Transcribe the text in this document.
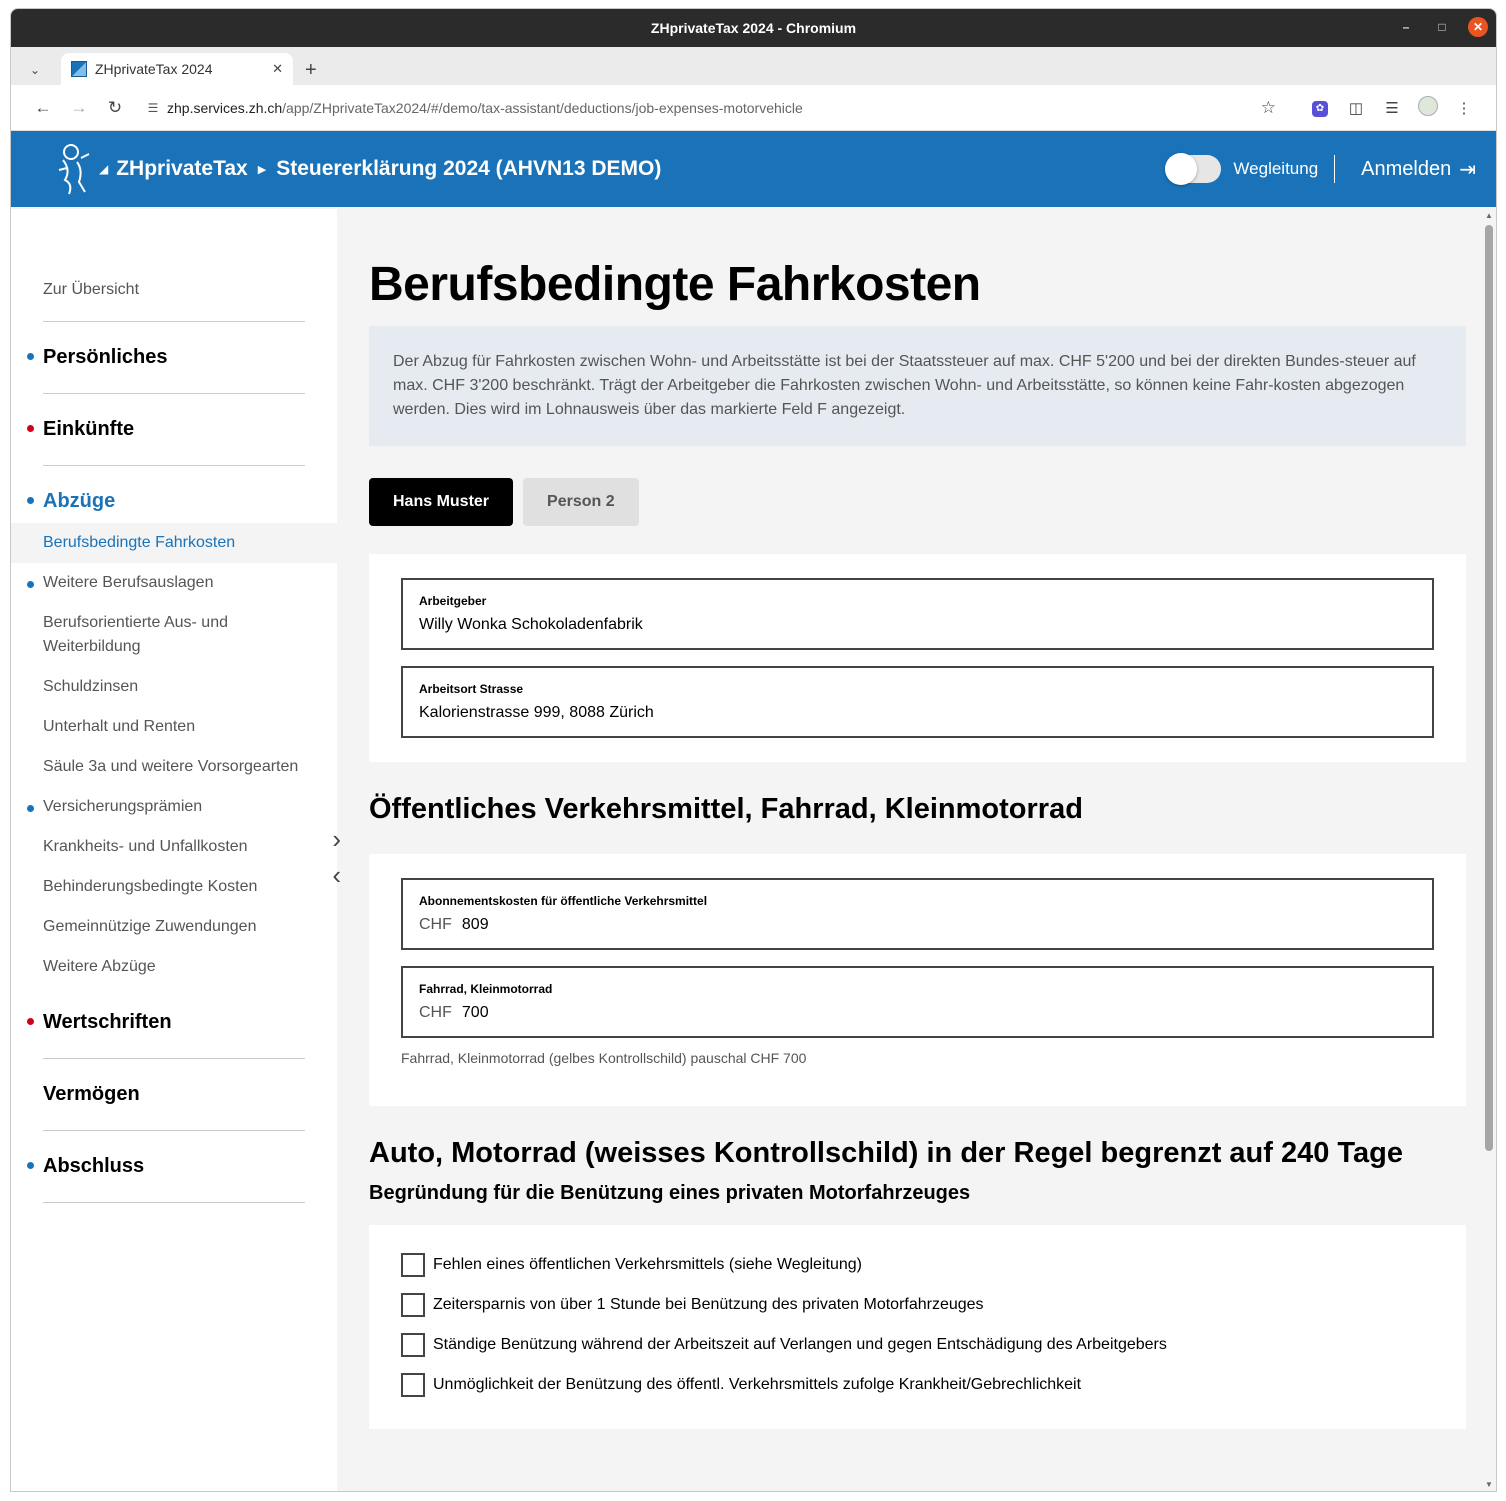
ZHprivateTax 2024 - Chromium	–	□	✕
⌄	ZHprivateTax 2024	✕ +
←	→	↻	☰ zhp.services.zh.ch /app/ZHprivateTax2024/#/demo/tax-assistant/deductions/job-expenses-motorvehicle	☆	✿	◫	☰	⋮
◢ ZHprivateTax ▶ Steuererklärung 2024 (AHVN13 DEMO)	Wegleitung Anmelden ⇥
Zur Übersicht
Persönliches
Einkünfte
Abzüge
Berufsbedingte Fahrkosten
Weitere Berufsauslagen
Berufsorientierte Aus- und Weiterbildung
Schuldzinsen
Unterhalt und Renten
Säule 3a und weitere Vorsorgearten
Versicherungsprämien
Krankheits- und Unfallkosten
Behinderungsbedingte Kosten
Gemeinnützige Zuwendungen
Weitere Abzüge
Wertschriften
Vermögen
Abschluss
›
‹
Berufsbedingte Fahrkosten
Der Abzug für Fahrkosten zwischen Wohn- und Arbeitsstätte ist bei der Staatssteuer auf max. CHF 5'200 und bei der direkten Bundes-steuer auf max. CHF 3'200 beschränkt. Trägt der Arbeitgeber die Fahrkosten zwischen Wohn- und Arbeitsstätte, so können keine Fahr-kosten abgezogen werden. Dies wird im Lohnausweis über das markierte Feld F angezeigt.
Hans Muster	Person 2
Arbeitgeber
Willy Wonka Schokoladenfabrik
Arbeitsort Strasse
Kalorienstrasse 999, 8088 Zürich
Öffentliches Verkehrsmittel, Fahrrad, Kleinmotorrad
Abonnementskosten für öffentliche Verkehrsmittel
CHF 809
Fahrrad, Kleinmotorrad
CHF 700
Fahrrad, Kleinmotorrad (gelbes Kontrollschild) pauschal CHF 700
Auto, Motorrad (weisses Kontrollschild) in der Regel begrenzt auf 240 Tage
Begründung für die Benützung eines privaten Motorfahrzeuges
Fehlen eines öffentlichen Verkehrsmittels (siehe Wegleitung)
Zeitersparnis von über 1 Stunde bei Benützung des privaten Motorfahrzeuges
Ständige Benützung während der Arbeitszeit auf Verlangen und gegen Entschädigung des Arbeitgebers
Unmöglichkeit der Benützung des öffentl. Verkehrsmittels zufolge Krankheit/Gebrechlichkeit
▲
▼
